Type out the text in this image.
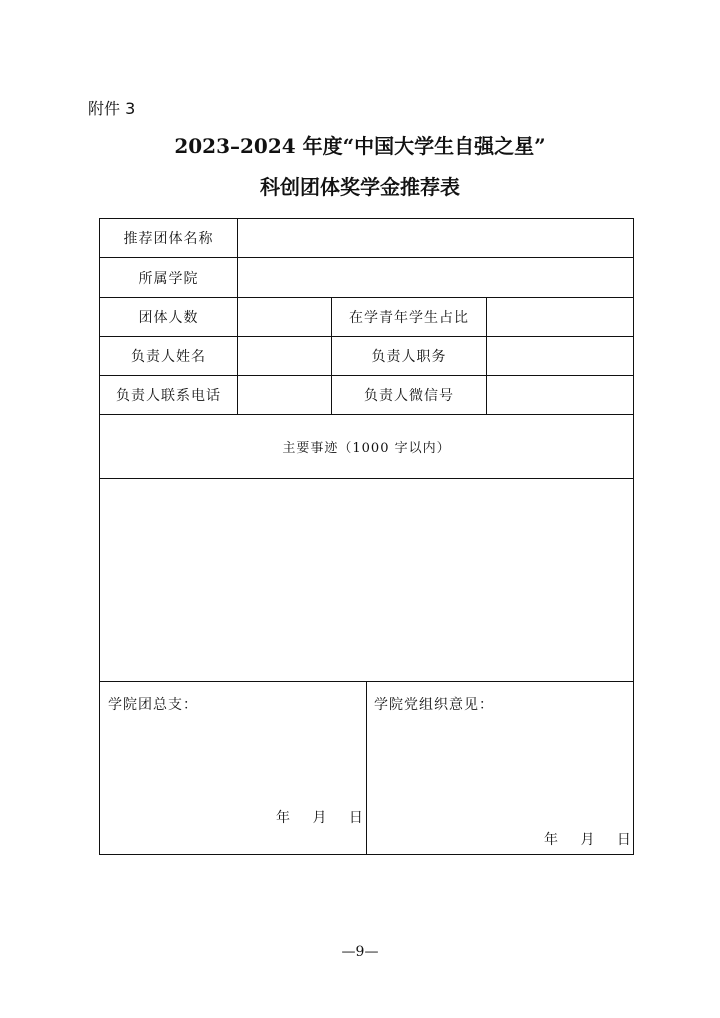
附件 3
2023–2024 年度“中国大学生自强之星”
科创团体奖学金推荐表
推荐团体名称
所属学院
团体人数	在学青年学生占比
负责人姓名	负责人职务
负责人联系电话	负责人微信号
主要事迹（1000 字以内）
学院团总支：
年 月 日
学院党组织意见：
年 月 日
—9—
